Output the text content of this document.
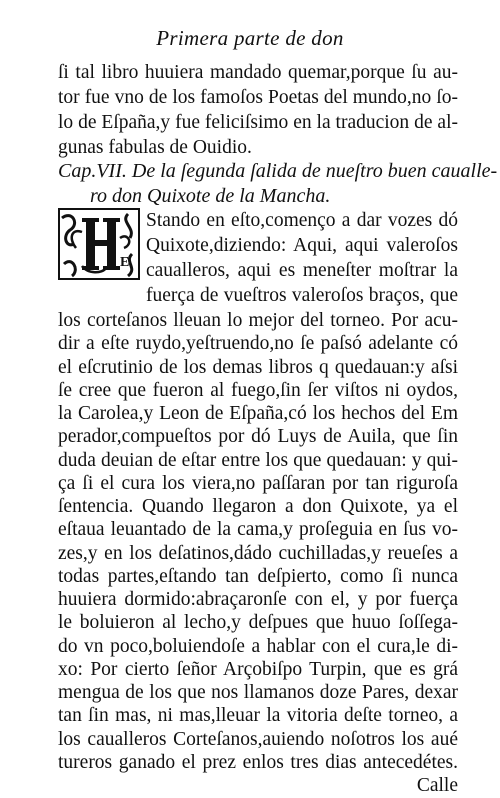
Primera parte de don
ſi tal libro huuiera mandado quemar,porque ſu au-
tor fue vno de los famoſos Poetas del mundo,no ſo-
lo de Eſpaña,y fue feliciſsimo en la traducion de al-
gunas fabulas de Ouidio.
Cap.VII. De la ſegunda ſalida de nueſtro buen caualle-
ro don Quixote de la Mancha.
E
Stando en eſto,començo a dar vozes dó
Quixote,diziendo: Aqui, aqui valeroſos
caualleros, aqui es meneſter moſtrar la
fuerça de vueſtros valeroſos braços, que
los corteſanos lleuan lo mejor del torneo. Por acu-
dir a eſte ruydo,yeſtruendo,no ſe paſsó adelante có
el eſcrutinio de los demas libros q quedauan:y aſsi
ſe cree que fueron al fuego,ſin ſer viſtos ni oydos,
la Carolea,y Leon de Eſpaña,có los hechos del Em
perador,compueſtos por dó Luys de Auila, que ſin
duda deuian de eſtar entre los que quedauan: y qui-
ça ſi el cura los viera,no paſſaran por tan riguroſa
ſentencia. Quando llegaron a don Quixote, ya el
eſtaua leuantado de la cama,y proſeguia en ſus vo-
zes,y en los deſatinos,dádo cuchilladas,y reueſes a
todas partes,eſtando tan deſpierto, como ſi nunca
huuiera dormido:abraçaronſe con el, y por fuerça
le boluieron al lecho,y deſpues que huuo ſoſſega-
do vn poco,boluiendoſe a hablar con el cura,le di-
xo: Por cierto ſeñor Arçobiſpo Turpin, que es grá
mengua de los que nos llamanos doze Pares, dexar
Calle
tan ſin mas, ni mas,lleuar la vitoria deſte torneo, a
los caualleros Corteſanos,auiendo noſotros los aué
tureros ganado el prez enlos tres dias antecedétes.
